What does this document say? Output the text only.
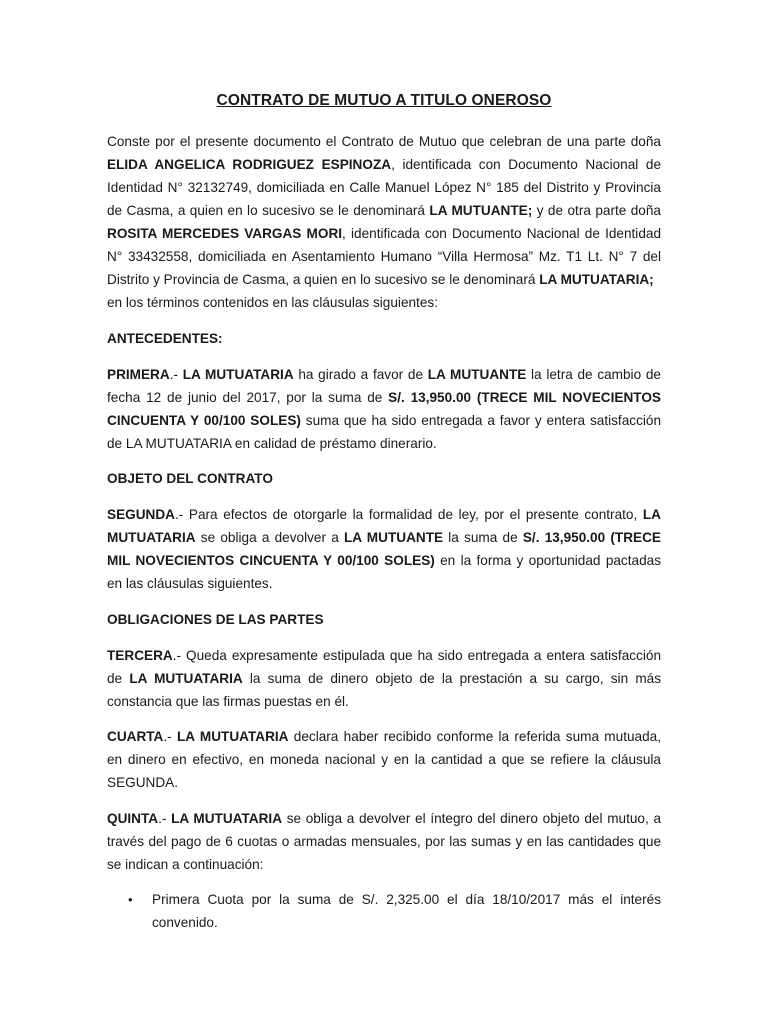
CONTRATO DE MUTUO A TITULO ONEROSO

Conste por el presente documento el Contrato de Mutuo que celebran de una parte doña ELIDA ANGELICA RODRIGUEZ ESPINOZA, identificada con Documento Nacional de Identidad N° 32132749, domiciliada en Calle Manuel López N° 185 del Distrito y Provincia de Casma, a quien en lo sucesivo se le denominará LA MUTUANTE; y de otra parte doña ROSITA MERCEDES VARGAS MORI, identificada con Documento Nacional de Identidad N° 33432558, domiciliada en Asentamiento Humano “Villa Hermosa” Mz. T1 Lt. N° 7 del Distrito y Provincia de Casma, a quien en lo sucesivo se le denominará LA MUTUATARIA;
en los términos contenidos en las cláusulas siguientes:

ANTECEDENTES:

PRIMERA.- LA MUTUATARIA ha girado a favor de LA MUTUANTE la letra de cambio de fecha 12 de junio del 2017, por la suma de S/. 13,950.00 (TRECE MIL NOVECIENTOS CINCUENTA Y 00/100 SOLES) suma que ha sido entregada a favor y entera satisfacción de LA MUTUATARIA en calidad de préstamo dinerario.

OBJETO DEL CONTRATO

SEGUNDA.- Para efectos de otorgarle la formalidad de ley, por el presente contrato, LA MUTUATARIA se obliga a devolver a LA MUTUANTE la suma de S/. 13,950.00 (TRECE MIL NOVECIENTOS CINCUENTA Y 00/100 SOLES) en la forma y oportunidad pactadas en las cláusulas siguientes.

OBLIGACIONES DE LAS PARTES

TERCERA.- Queda expresamente estipulada que ha sido entregada a entera satisfacción de LA MUTUATARIA la suma de dinero objeto de la prestación a su cargo, sin más constancia que las firmas puestas en él.

CUARTA.- LA MUTUATARIA declara haber recibido conforme la referida suma mutuada, en dinero en efectivo, en moneda nacional y en la cantidad a que se refiere la cláusula SEGUNDA.

QUINTA.- LA MUTUATARIA se obliga a devolver el íntegro del dinero objeto del mutuo, a través del pago de 6 cuotas o armadas mensuales, por las sumas y en las cantidades que se indican a continuación:

• Primera Cuota por la suma de S/. 2,325.00 el día 18/10/2017 más el interés convenido.
